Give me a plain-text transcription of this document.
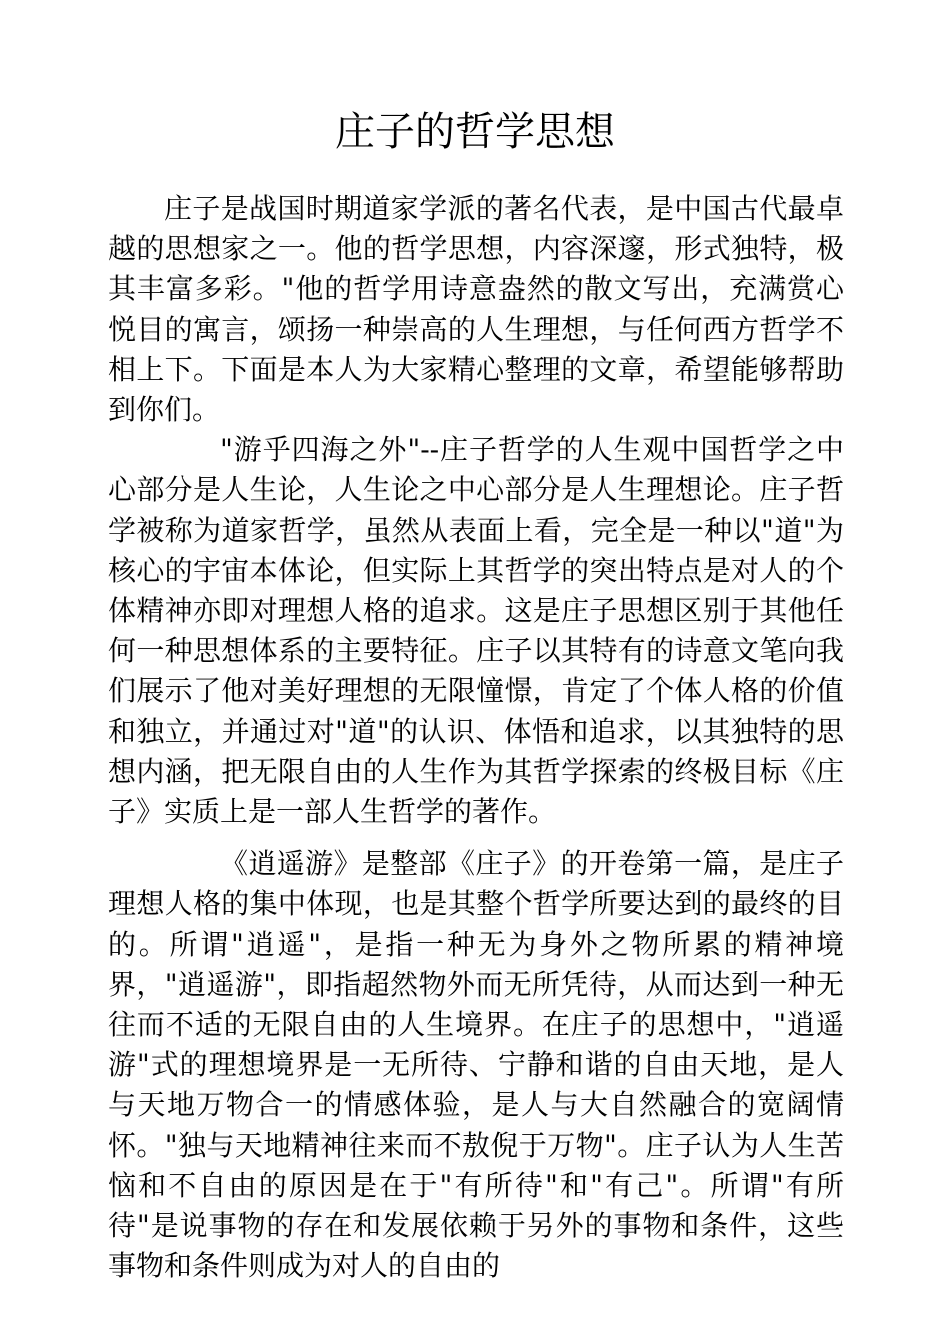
庄子的哲学思想

庄子是战国时期道家学派的著名代表，是中国古代最卓越的思想家之一。他的哲学思想，内容深邃，形式独特，极其丰富多彩。"他的哲学用诗意盎然的散文写出，充满赏心悦目的寓言，颂扬一种崇高的人生理想，与任何西方哲学不相上下。下面是本人为大家精心整理的文章，希望能够帮助到你们。

"游乎四海之外"--庄子哲学的人生观中国哲学之中心部分是人生论，人生论之中心部分是人生理想论。庄子哲学被称为道家哲学，虽然从表面上看，完全是一种以"道"为核心的宇宙本体论，但实际上其哲学的突出特点是对人的个体精神亦即对理想人格的追求。这是庄子思想区别于其他任何一种思想体系的主要特征。庄子以其特有的诗意文笔向我们展示了他对美好理想的无限憧憬，肯定了个体人格的价值和独立，并通过对"道"的认识、体悟和追求，以其独特的思想内涵，把无限自由的人生作为其哲学探索的终极目标《庄子》实质上是一部人生哲学的著作。

《逍遥游》是整部《庄子》的开卷第一篇，是庄子理想人格的集中体现，也是其整个哲学所要达到的最终的目的。所谓"逍遥"，是指一种无为身外之物所累的精神境界，"逍遥游"，即指超然物外而无所凭待，从而达到一种无往而不适的无限自由的人生境界。在庄子的思想中，"逍遥游"式的理想境界是一无所待、宁静和谐的自由天地，是人与天地万物合一的情感体验，是人与大自然融合的宽阔情怀。"独与天地精神往来而不敖倪于万物"。庄子认为人生苦恼和不自由的原因是在于"有所待"和"有己"。所谓"有所待"是说事物的存在和发展依赖于另外的事物和条件，这些事物和条件则成为对人的自由的
